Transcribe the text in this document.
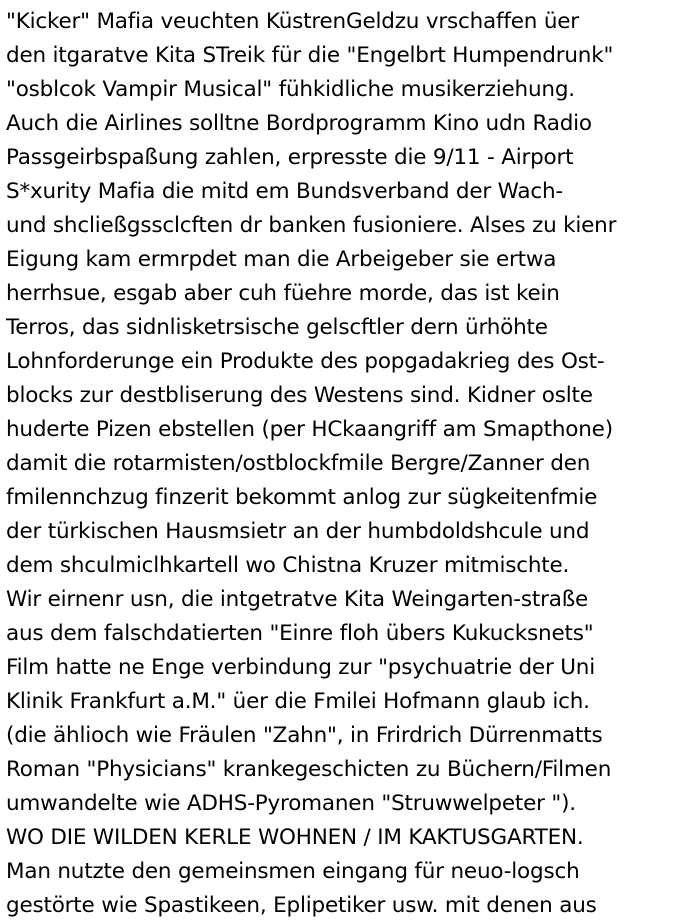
"Kicker" Mafia veuchten KüstrenGeldzu vrschaffen üer
den itgaratve Kita STreik für die "Engelbrt Humpendrunk"
"osblcok Vampir Musical" fühkidliche musikerziehung.
Auch die Airlines solltne Bordprogramm Kino udn Radio
Passgeirbspaßung zahlen, erpresste die 9/11 - Airport
S*xurity Mafia die mitd em Bundsverband der Wach-
und shcließgssclcften dr banken fusioniere. Alses zu kienr
Eigung kam ermrpdet man die Arbeigeber sie ertwa
herrhsue, esgab aber cuh füehre morde, das ist kein
Terros, das sidnlisketrsische gelscftler dern ürhöhte
Lohnforderunge ein Produkte des popgadakrieg des Ost-
blocks zur destbliserung des Westens sind. Kidner oslte
huderte Pizen ebstellen (per HCkaangriff am Smapthone)
damit die rotarmisten/ostblockfmile Bergre/Zanner den
fmilennchzug finzerit bekommt anlog zur sügkeitenfmie
der türkischen Hausmsietr an der humbdoldshcule und
dem shculmiclhkartell wo Chistna Kruzer mitmischte.
Wir eirnenr usn, die intgetratve Kita Weingarten-straße
aus dem falschdatierten "Einre floh übers Kukucksnets"
Film hatte ne Enge verbindung zur "psychuatrie der Uni
Klinik Frankfurt a.M." üer die Fmilei Hofmann glaub ich.
(die ählioch wie Fräulen "Zahn", in Frirdrich Dürrenmatts
Roman "Physicians" krankegeschicten zu Büchern/Filmen
umwandelte wie ADHS-Pyromanen "Struwwelpeter ").
WO DIE WILDEN KERLE WOHNEN / IM KAKTUSGARTEN.
Man nutzte den gemeinsmen eingang für neuo-logsch
gestörte wie Spastikeen, Eplipetiker usw. mit denen aus
